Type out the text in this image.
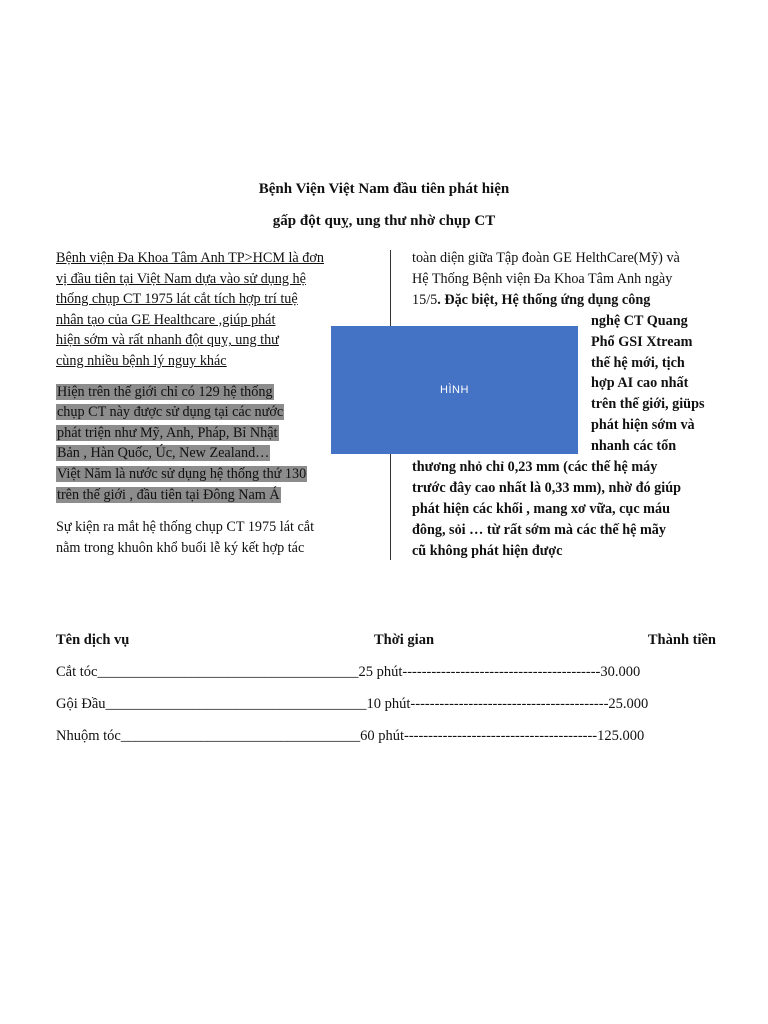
Bệnh Viện Việt Nam đầu tiên phát hiện
gấp đột quỵ, ung thư nhờ chụp CT
Bệnh viện Đa Khoa Tâm Anh TP>HCM là đơn
vị đầu tiên tại Việt Nam dựa vào sử dụng hệ
thống chụp CT 1975 lát cắt tích hợp trí tuệ
nhân tạo của GE Healthcare ,giúp phát
hiện sớm và rất nhanh đột quỵ, ung thư
cùng nhiều bệnh lý nguy khác
Hiện trên thế giới chỉ có 129 hệ thống
chụp CT này được sử dụng tại các nước
phát triện như Mỹ, Anh, Pháp, Bỉ Nhật
Bản , Hàn Quốc, Úc, New Zealand…
Việt Năm là nước sử dụng hệ thống thứ 130
trên thế giới , đầu tiên tại Đông Nam Á
Sự kiện ra mắt hệ thống chụp CT 1975 lát cắt
nằm trong khuôn khổ buổi lễ ký kết hợp tác
toàn diện giữa Tập đoàn GE HelthCare(Mỹ) và
Hệ Thống Bệnh viện Đa Khoa Tâm Anh ngày
15/5. Đặc biệt, Hệ thống ứng dụng công
nghệ CT Quang
Phổ GSI Xtream
thế hệ mới, tịch
hợp AI cao nhất
trên thế giới, giüps
phát hiện sớm và
nhanh các tổn
thương nhỏ chỉ 0,23 mm (các thế hệ máy
trước đây cao nhất là 0,33 mm), nhờ đó giúp
phát hiện các khối , mang xơ vữa, cục máu
đông, sỏi … từ rất sớm mà các thế hệ mãy
cũ không phát hiện được
HÌNH
Tên dịch vụ	Thời gian	Thành tiền
Cắt tóc____________________________________25 phút-----------------------------------------30.000
Gội Đầu____________________________________10 phút-----------------------------------------25.000
Nhuộm tóc_________________________________60 phút----------------------------------------125.000
